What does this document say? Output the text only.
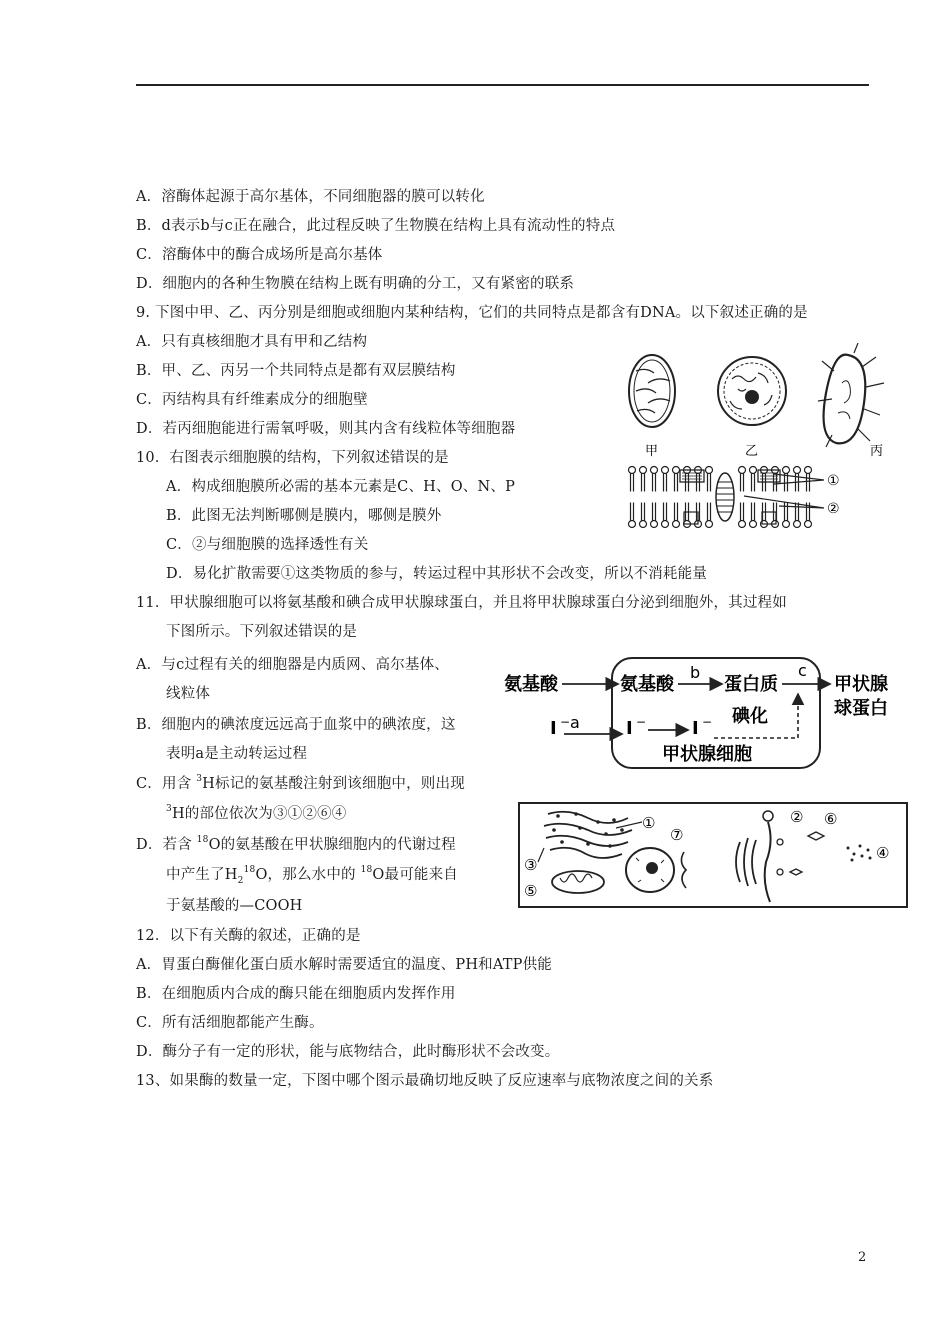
A．溶酶体起源于高尔基体，不同细胞器的膜可以转化
B．d表示b与c正在融合，此过程反映了生物膜在结构上具有流动性的特点
C．溶酶体中的酶合成场所是高尔基体
D．细胞内的各种生物膜在结构上既有明确的分工，又有紧密的联系
9. 下图中甲、乙、丙分别是细胞或细胞内某种结构，它们的共同特点是都含有DNA。以下叙述正确的是
A．只有真核细胞才具有甲和乙结构
B．甲、乙、丙另一个共同特点是都有双层膜结构
C．丙结构具有纤维素成分的细胞壁
D．若丙细胞能进行需氧呼吸，则其内含有线粒体等细胞器
甲	乙	丙
10．右图表示细胞膜的结构，下列叙述错误的是
A．构成细胞膜所必需的基本元素是C、H、O、N、P
B．此图无法判断哪侧是膜内，哪侧是膜外
C．②与细胞膜的选择透性有关
D．易化扩散需要①这类物质的参与，转运过程中其形状不会改变，所以不消耗能量
①
②
11．甲状腺细胞可以将氨基酸和碘合成甲状腺球蛋白，并且将甲状腺球蛋白分泌到细胞外，其过程如
下图所示。下列叙述错误的是
A．与c过程有关的细胞器是内质网、高尔基体、
线粒体
B．细胞内的碘浓度远远高于血浆中的碘浓度，这
表明a是主动转运过程
C．用含 $^3$H标记的氨基酸注射到该细胞中，则出现
$^3$H的部位依次为③①②⑥④
D．若含 $^{18}$O的氨基酸在甲状腺细胞内的代谢过程
中产生了$H_2^{18}O$，那么水中的 $^{18}$O最可能来自
于氨基酸的—COOH
氨基酸	氨基酸
b
蛋白质
c
甲状腺
球蛋白
I − a	I −	I − 碘化
甲状腺细胞
①
③
⑤
⑦
② ⑥
④
12．以下有关酶的叙述，正确的是
A．胃蛋白酶催化蛋白质水解时需要适宜的温度、PH和ATP供能
B．在细胞质内合成的酶只能在细胞质内发挥作用
C．所有活细胞都能产生酶。
D．酶分子有一定的形状，能与底物结合，此时酶形状不会改变。
13、如果酶的数量一定，下图中哪个图示最确切地反映了反应速率与底物浓度之间的关系
2
